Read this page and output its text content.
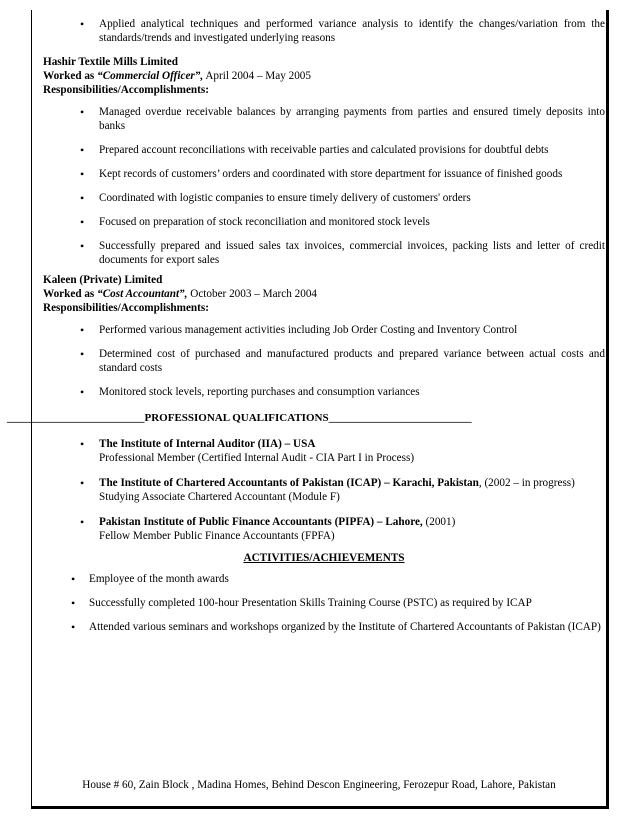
• Applied analytical techniques and performed variance analysis to identify the changes/variation from the standards/trends and investigated underlying reasons
Hashir Textile Mills Limited
Worked as “Commercial Officer”, April 2004 – May 2005
Responsibilities/Accomplishments:
• Managed overdue receivable balances by arranging payments from parties and ensured timely deposits into banks
• Prepared account reconciliations with receivable parties and calculated provisions for doubtful debts
• Kept records of customers’ orders and coordinated with store department for issuance of finished goods
• Coordinated with logistic companies to ensure timely delivery of customers' orders
• Focused on preparation of stock reconciliation and monitored stock levels
• Successfully prepared and issued sales tax invoices, commercial invoices, packing lists and letter of credit documents for export sales
Kaleen (Private) Limited
Worked as “Cost Accountant”, October 2003 – March 2004
Responsibilities/Accomplishments:
• Performed various management activities including Job Order Costing and Inventory Control
• Determined cost of purchased and manufactured products and prepared variance between actual costs and standard costs
• Monitored stock levels, reporting purchases and consumption variances
_________________________PROFESSIONAL QUALIFICATIONS__________________________
• The Institute of Internal Auditor (IIA) – USA
Professional Member (Certified Internal Audit - CIA Part I in Process)
• The Institute of Chartered Accountants of Pakistan (ICAP) – Karachi, Pakistan, (2002 – in progress)
Studying Associate Chartered Accountant (Module F)
• Pakistan Institute of Public Finance Accountants (PIPFA) – Lahore, (2001)
Fellow Member Public Finance Accountants (FPFA)
ACTIVITIES/ACHIEVEMENTS
• Employee of the month awards
• Successfully completed 100-hour Presentation Skills Training Course (PSTC) as required by ICAP
• Attended various seminars and workshops organized by the Institute of Chartered Accountants of Pakistan (ICAP)
House # 60, Zain Block , Madina Homes, Behind Descon Engineering, Ferozepur Road, Lahore, Pakistan
